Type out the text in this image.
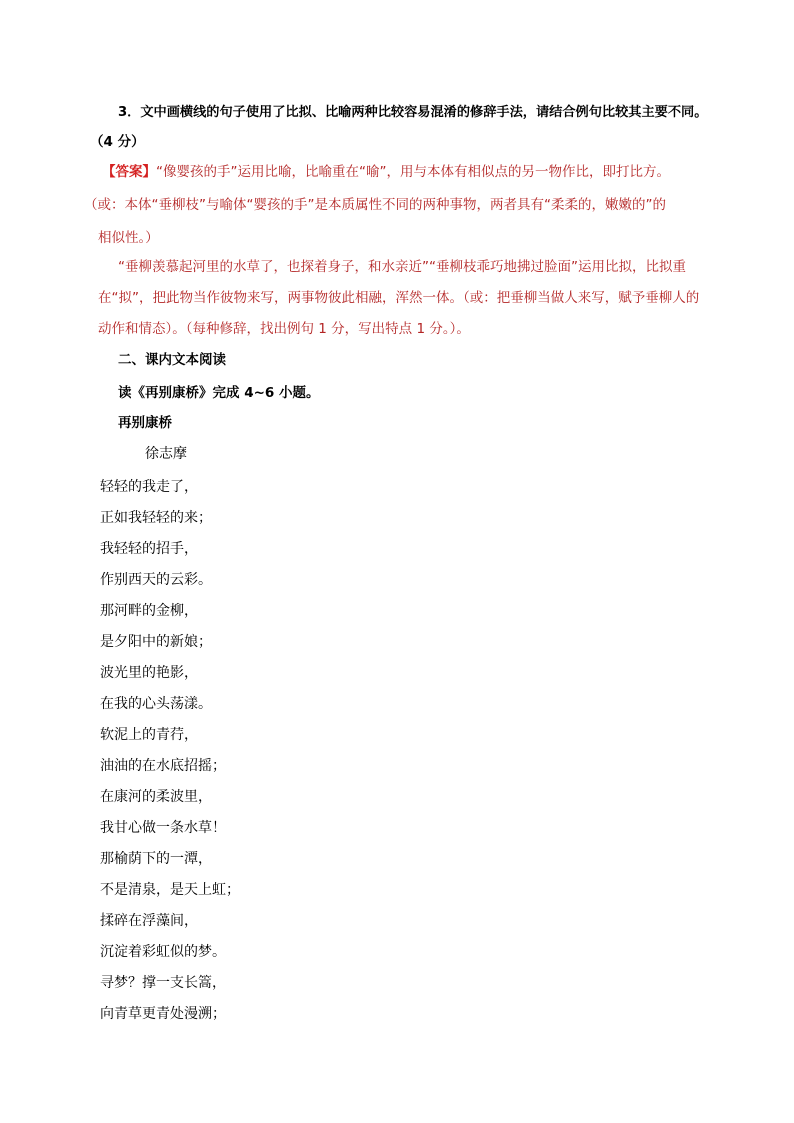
3．文中画横线的句子使用了比拟、比喻两种比较容易混淆的修辞手法，请结合例句比较其主要不同。
（4 分）
【答案】“像婴孩的手”运用比喻，比喻重在“喻”，用与本体有相似点的另一物作比，即打比方。
（或：本体“垂柳枝”与喻体“婴孩的手”是本质属性不同的两种事物，两者具有“柔柔的，嫩嫩的”的
相似性。）
“垂柳羡慕起河里的水草了，也探着身子，和水亲近”“垂柳枝乖巧地拂过脸面”运用比拟，比拟重
在“拟”，把此物当作彼物来写，两事物彼此相融，浑然一体。（或：把垂柳当做人来写，赋予垂柳人的
动作和情态）。（每种修辞，找出例句 1 分，写出特点 1 分。）。
二、课内文本阅读
读《再别康桥》完成 4~6 小题。
再别康桥
徐志摩
轻轻的我走了，
正如我轻轻的来；
我轻轻的招手，
作别西天的云彩。
那河畔的金柳，
是夕阳中的新娘；
波光里的艳影，
在我的心头荡漾。
软泥上的青荇，
油油的在水底招摇；
在康河的柔波里，
我甘心做一条水草！
那榆荫下的一潭，
不是清泉，是天上虹；
揉碎在浮藻间，
沉淀着彩虹似的梦。
寻梦？撑一支长篙，
向青草更青处漫溯；
